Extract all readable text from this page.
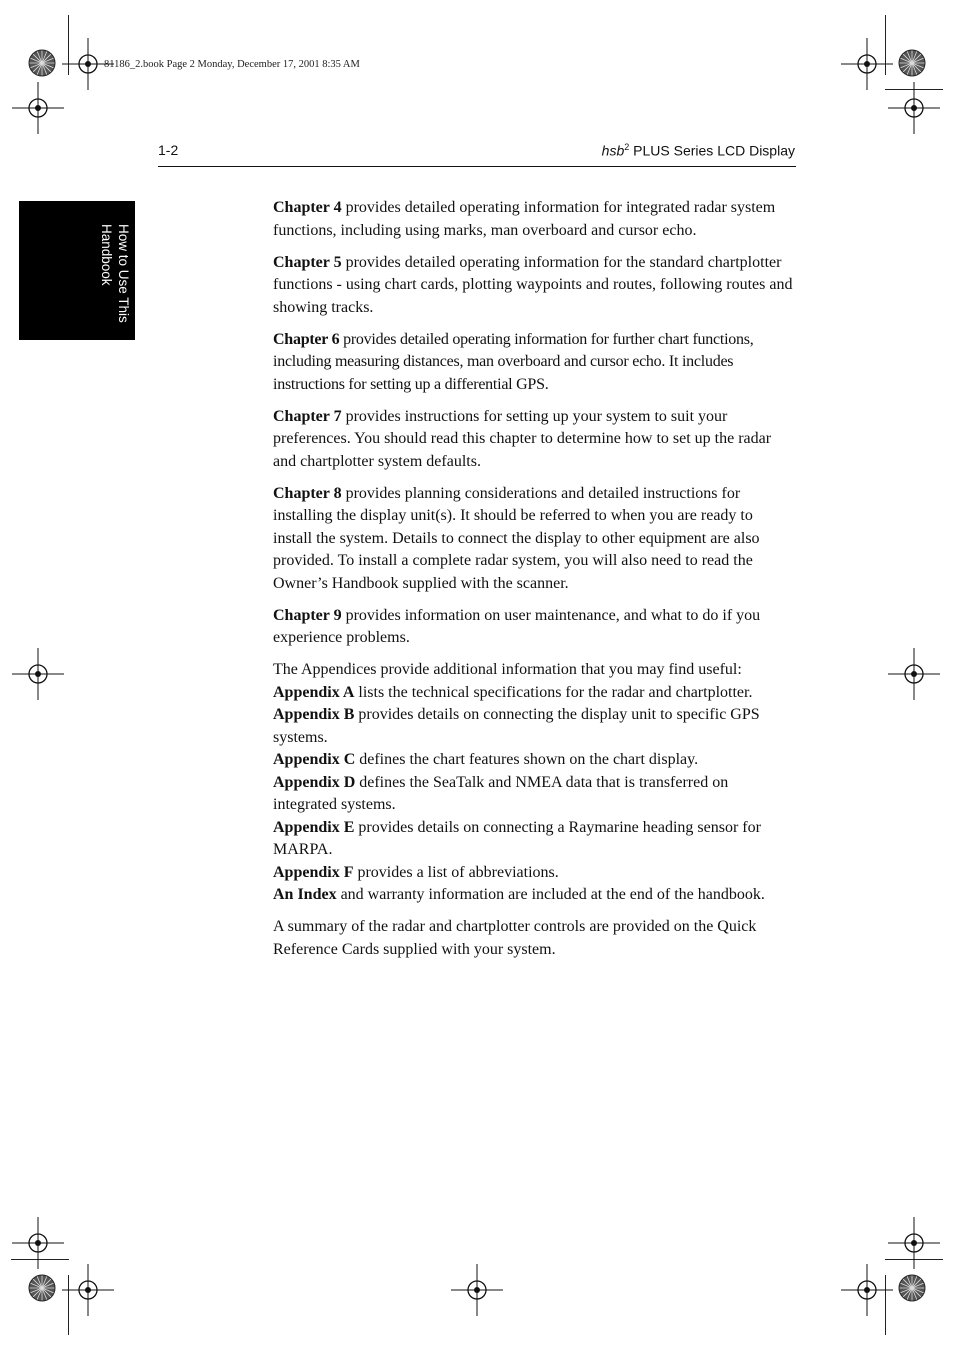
81186_2.book Page 2 Monday, December 17, 2001 8:35 AM
1-2	hsb$^2$ PLUS Series LCD Display
How to Use This
Handbook

Chapter 4 provides detailed operating information for integrated radar system functions, including using marks, man overboard and cursor echo.

Chapter 5 provides detailed operating information for the standard chartplotter functions - using chart cards, plotting waypoints and routes, following routes and showing tracks.

Chapter 6 provides detailed operating information for further chart functions, including measuring distances, man overboard and cursor echo. It includes instructions for setting up a differential GPS.

Chapter 7 provides instructions for setting up your system to suit your preferences. You should read this chapter to determine how to set up the radar and chartplotter system defaults.

Chapter 8 provides planning considerations and detailed instructions for installing the display unit(s). It should be referred to when you are ready to install the system. Details to connect the display to other equipment are also provided. To install a complete radar system, you will also need to read the Owner’s Handbook supplied with the scanner.

Chapter 9 provides information on user maintenance, and what to do if you experience problems.

The Appendices provide additional information that you may find useful:
Appendix A lists the technical specifications for the radar and chartplotter.
Appendix B provides details on connecting the display unit to specific GPS systems.
Appendix C defines the chart features shown on the chart display.
Appendix D defines the SeaTalk and NMEA data that is transferred on integrated systems.
Appendix E provides details on connecting a Raymarine heading sensor for MARPA.
Appendix F provides a list of abbreviations.
An Index and warranty information are included at the end of the handbook.

A summary of the radar and chartplotter controls are provided on the Quick Reference Cards supplied with your system.
